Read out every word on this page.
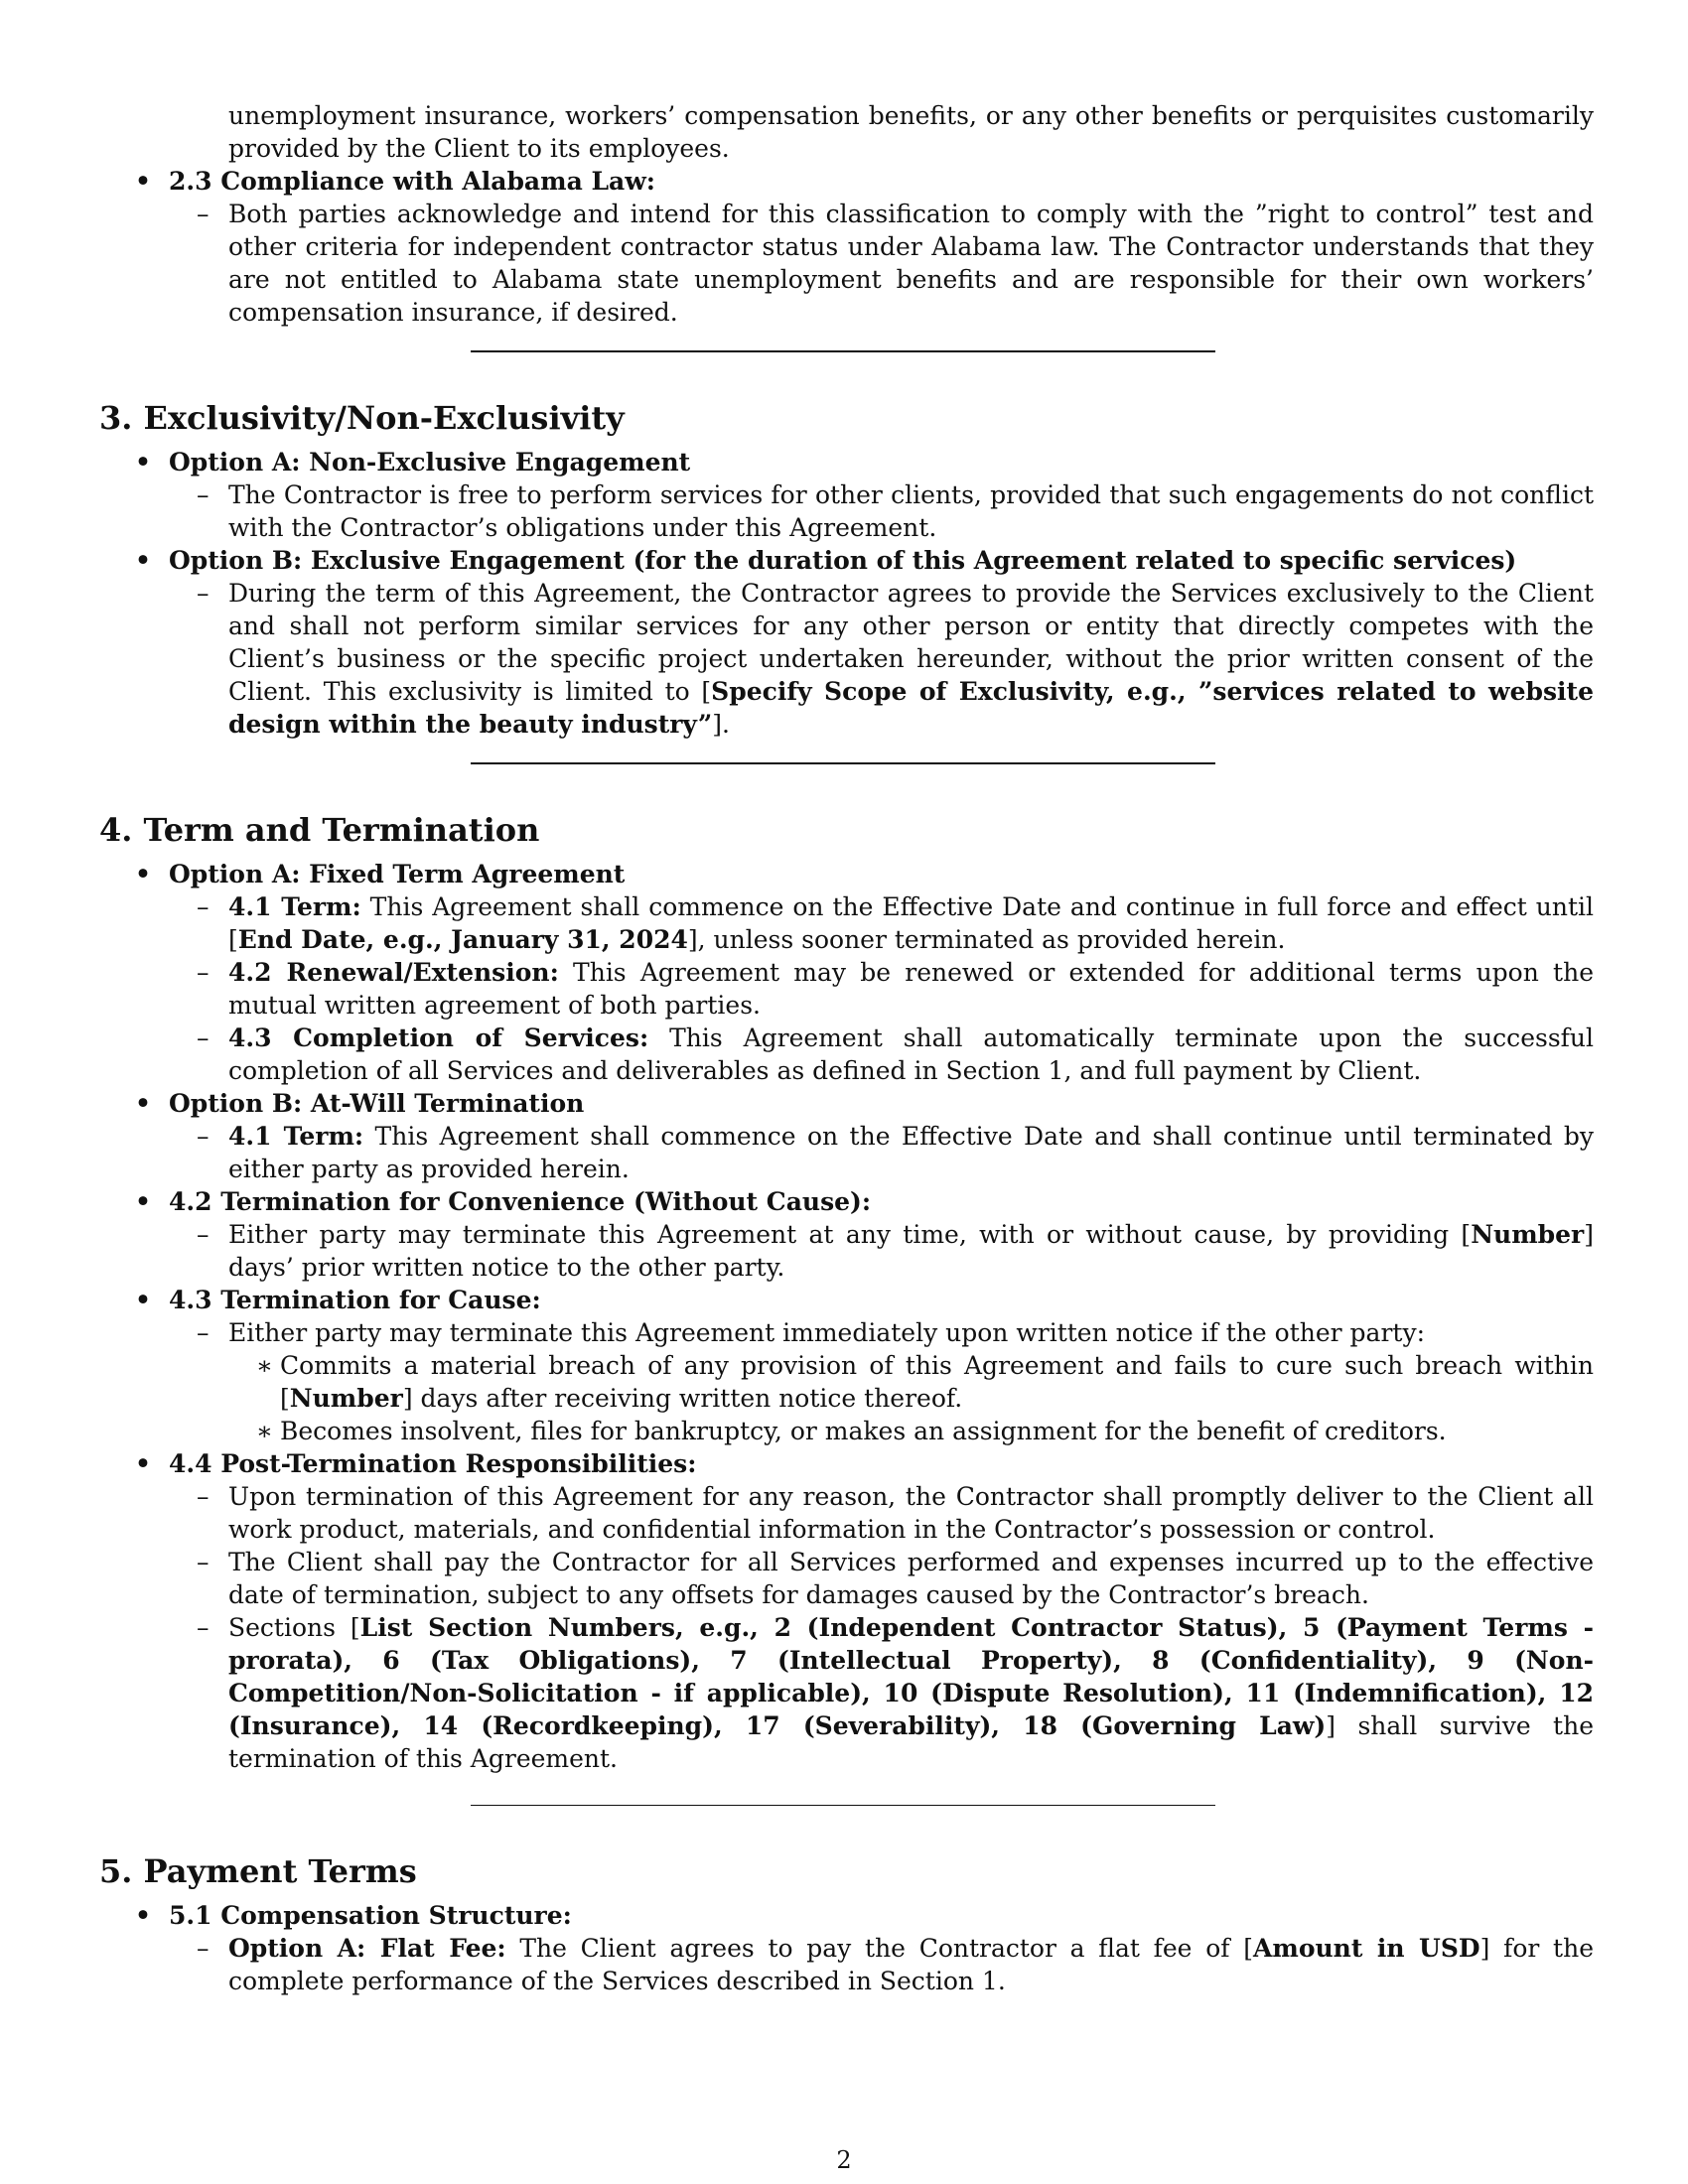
unemployment insurance, workers’ compensation benefits, or any other benefits or perquisites customarily provided by the Client to its employees.

• 2.3 Compliance with Alabama Law:
– Both parties acknowledge and intend for this classification to comply with the ”right to control” test and other criteria for independent contractor status under Alabama law. The Contractor understands that they are not entitled to Alabama state unemployment benefits and are responsible for their own workers’ compensation insurance, if desired.

3. Exclusivity/Non-Exclusivity
• Option A: Non-Exclusive Engagement
– The Contractor is free to perform services for other clients, provided that such engagements do not conflict with the Contractor’s obligations under this Agreement.

• Option B: Exclusive Engagement (for the duration of this Agreement related to specific services)
– During the term of this Agreement, the Contractor agrees to provide the Services exclusively to the Client and shall not perform similar services for any other person or entity that directly competes with the Client’s business or the specific project undertaken hereunder, without the prior written consent of the Client. This exclusivity is limited to [Specify Scope of Exclusivity, e.g., ”services related to website design within the beauty industry”].

4. Term and Termination
• Option A: Fixed Term Agreement
– 4.1 Term: This Agreement shall commence on the Effective Date and continue in full force and effect until [End Date, e.g., January 31, 2024], unless sooner terminated as provided herein.

– 4.2 Renewal/Extension: This Agreement may be renewed or extended for additional terms upon the mutual written agreement of both parties.

– 4.3 Completion of Services: This Agreement shall automatically terminate upon the successful completion of all Services and deliverables as defined in Section 1, and full payment by Client.

• Option B: At-Will Termination
– 4.1 Term: This Agreement shall commence on the Effective Date and shall continue until terminated by either party as provided herein.

• 4.2 Termination for Convenience (Without Cause):
– Either party may terminate this Agreement at any time, with or without cause, by providing [Number] days’ prior written notice to the other party.

• 4.3 Termination for Cause:
– Either party may terminate this Agreement immediately upon written notice if the other party:

∗ Commits a material breach of any provision of this Agreement and fails to cure such breach within [Number] days after receiving written notice thereof.

∗ Becomes insolvent, files for bankruptcy, or makes an assignment for the benefit of creditors.

• 4.4 Post-Termination Responsibilities:
– Upon termination of this Agreement for any reason, the Contractor shall promptly deliver to the Client all work product, materials, and confidential information in the Contractor’s possession or control.

– The Client shall pay the Contractor for all Services performed and expenses incurred up to the effective date of termination, subject to any offsets for damages caused by the Contractor’s breach.

– Sections [List Section Numbers, e.g., 2 (Independent Contractor Status), 5 (Payment Terms - prorata), 6 (Tax Obligations), 7 (Intellectual Property), 8 (Confidentiality), 9 (Non-Competition/Non-Solicitation - if applicable), 10 (Dispute Resolution), 11 (Indemnification), 12 (Insurance), 14 (Recordkeeping), 17 (Severability), 18 (Governing Law)] shall survive the termination of this Agreement.

5. Payment Terms
• 5.1 Compensation Structure:
– Option A: Flat Fee: The Client agrees to pay the Contractor a flat fee of [Amount in USD] for the complete performance of the Services described in Section 1.

2
